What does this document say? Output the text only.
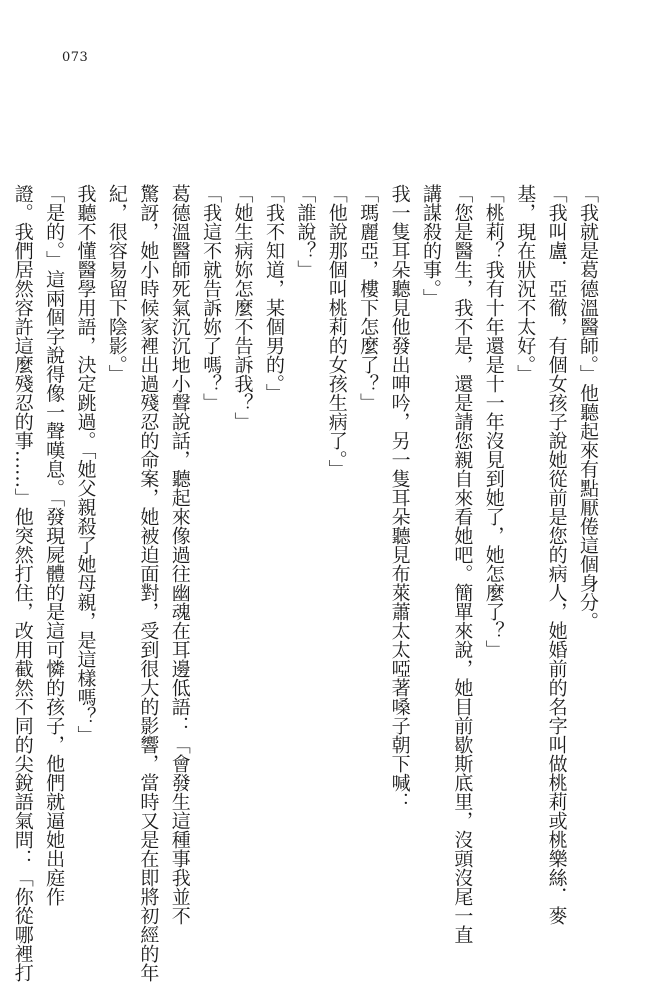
073
「我就是葛德溫醫師。」他聽起來有點厭倦這個身分。
「我叫盧．亞徹，有個女孩子說她從前是您的病人，她婚前的名字叫做桃莉或桃樂絲．麥
基，現在狀況不太好。」
「桃莉？我有十年還是十一年沒見到她了，她怎麼了？」
「您是醫生，我不是，還是請您親自來看她吧。簡單來說，她目前歇斯底里，沒頭沒尾一直
講謀殺的事。」
我一隻耳朵聽見他發出呻吟，另一隻耳朵聽見布萊蕭太太啞著嗓子朝下喊：
「瑪麗亞，樓下怎麼了？」
「他說那個叫桃莉的女孩生病了。」
「誰說？」
「我不知道，某個男的。」
「她生病妳怎麼不告訴我？」
「我這不就告訴妳了嗎？」
葛德溫醫師死氣沉沉地小聲說話，聽起來像過往幽魂在耳邊低語：「會發生這種事我並不
驚訝，她小時候家裡出過殘忍的命案，她被迫面對，受到很大的影響，當時又是在即將初經的年
紀，很容易留下陰影。」
我聽不懂醫學用語，決定跳過。「她父親殺了她母親，是這樣嗎？」
「是的。」這兩個字說得像一聲嘆息。「發現屍體的是這可憐的孩子，他們就逼她出庭作
證。我們居然容許這麼殘忍的事……」他突然打住，改用截然不同的尖銳語氣問：「你從哪裡打
